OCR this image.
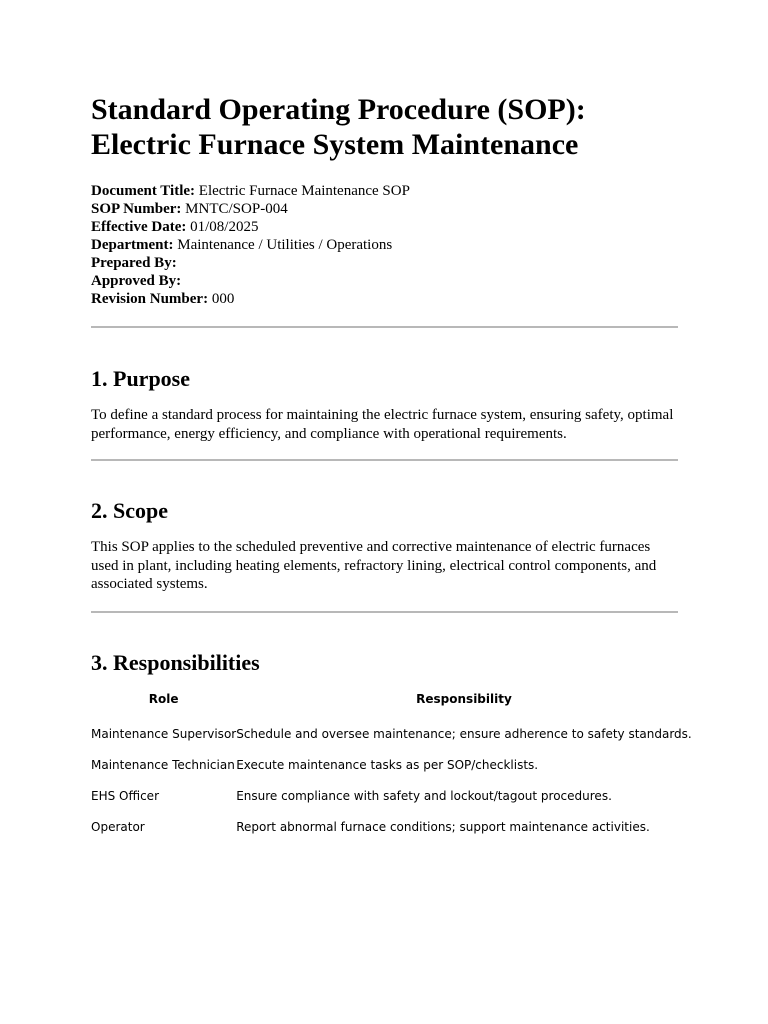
Standard Operating Procedure (SOP):
Electric Furnace System Maintenance
Document Title: Electric Furnace Maintenance SOP
SOP Number: MNTC/SOP-004
Effective Date: 01/08/2025
Department: Maintenance / Utilities / Operations
Prepared By:
Approved By:
Revision Number: 000
1. Purpose

To define a standard process for maintaining the electric furnace system, ensuring safety, optimal
performance, energy efficiency, and compliance with operational requirements.

2. Scope

This SOP applies to the scheduled preventive and corrective maintenance of electric furnaces
used in plant, including heating elements, refractory lining, electrical control components, and
associated systems.

3. Responsibilities
Role	Responsibility
Maintenance Supervisor	Schedule and oversee maintenance; ensure adherence to safety standards.
Maintenance Technician	Execute maintenance tasks as per SOP/checklists.
EHS Officer	Ensure compliance with safety and lockout/tagout procedures.
Operator	Report abnormal furnace conditions; support maintenance activities.
